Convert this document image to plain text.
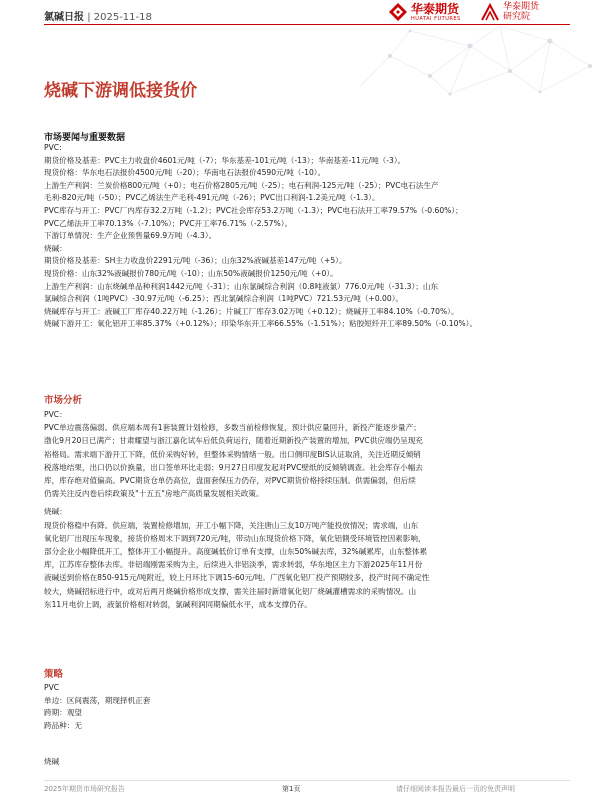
氯碱日报 | 2025-11-18
华泰期货
HUATAI FUTURES
华泰期货
研究院
烧碱下游调低接货价
市场要闻与重要数据

PVC:

期货价格及基差：PVC主力收盘价4601元/吨（-7）；华东基差-101元/吨（-13）；华南基差-11元/吨（-3）。

现货价格：华东电石法报价4500元/吨（-20）；华南电石法报价4590元/吨（-10）。

上游生产利润：兰炭价格800元/吨（+0）；电石价格2805元/吨（-25）；电石利润-125元/吨（-25）；PVC电石法生产

毛利-820元/吨（-50）；PVC乙烯法生产毛利-491元/吨（-26）；PVC出口利润-1.2美元/吨（-1.3）。

PVC库存与开工：PVC厂内库存32.2万吨（-1.2）；PVC社会库存53.2万吨（-1.3）；PVC电石法开工率79.57%（-0.60%）；

PVC乙烯法开工率70.13%（-7.10%）；PVC开工率76.71%（-2.57%）。

下游订单情况：生产企业预售量69.9万吨（-4.3）。

烧碱：

期货价格及基差：SH主力收盘价2291元/吨（-36）；山东32%液碱基差147元/吨（+5）。

现货价格：山东32%液碱报价780元/吨（-10）；山东50%液碱报价1250元/吨（+0）。

上游生产利润：山东烧碱单品种利润1442元/吨（-31）；山东氯碱综合利润（0.8吨液氯）776.0元/吨（-31.3）；山东

氯碱综合利润（1吨PVC）-30.97元/吨（-6.25）；西北氯碱综合利润（1吨PVC）721.53元/吨（+0.00）。

烧碱库存与开工：液碱工厂库存40.22万吨（-1.26）；片碱工厂库存3.02万吨（+0.12）；烧碱开工率84.10%（-0.70%）。

烧碱下游开工：氧化铝开工率85.37%（+0.12%）；印染华东开工率66.55%（-1.51%）；粘胶短纤开工率89.50%（-0.10%）。

市场分析

PVC：

PVC单边震荡偏弱。供应端本周有1套装置计划检修，多数当前检修恢复，预计供应量回升，新投产能逐步量产；

渤化9月20日已满产；甘肃耀望与浙江嘉化试车后低负荷运行，随着近期新投产装置的增加，PVC供应端仍呈现充

裕格局。需求端下游开工下降，低价采购好转，但整体采购情绪一般。出口侧印度BIS认证取消，关注近期反倾销

税落地结果，出口仍以价换量，出口签单环比走弱；9月27日印度发起对PVC壁纸的反倾销调查。社会库存小幅去

库，库存绝对值偏高。PVC期货仓单仍高位，盘面套保压力仍存，对PVC期货价格持续压制。供需偏弱，但后续

仍需关注反内卷后续政策及"十五五"房地产高质量发展相关政策。

烧碱：

现货价格稳中有降。供应端，装置检修增加，开工小幅下降，关注唐山三友10万吨产能投放情况；需求端，山东

氧化铝厂出现压车现象，接货价格周末下调到720元/吨，带动山东现货价格下降，氧化铝側受环境管控因素影响，

部分企业小幅降低开工，整体开工小幅提升。高度碱低价订单有支撑，山东50%碱去库，32%碱累库，山东整体累

库，江苏库存整体去库。非铝端刚需采购为主，后续进入非铝淡季，需求转弱，华东地区主力下游2025年11月份

液碱送到价格在850-915元/吨附近，较上月环比下调15-60元/吨。广西氧化铝厂投产预期较多，投产时间不确定性

较大，烧碱招标进行中，或对后两月烧碱价格形成支撑，需关注届时新增氧化铝厂烧碱灌槽需求的采购情况。山

东11月电价上调，液氯价格相对转弱，氯碱利润同期偏低水平，成本支撑仍存。

策略

PVC

单边：区间震荡，期现择机正套

跨期：观望

跨品种：无

烧碱
2025年期货市场研究报告	第1页	请仔细阅读本报告最后一页的免责声明
